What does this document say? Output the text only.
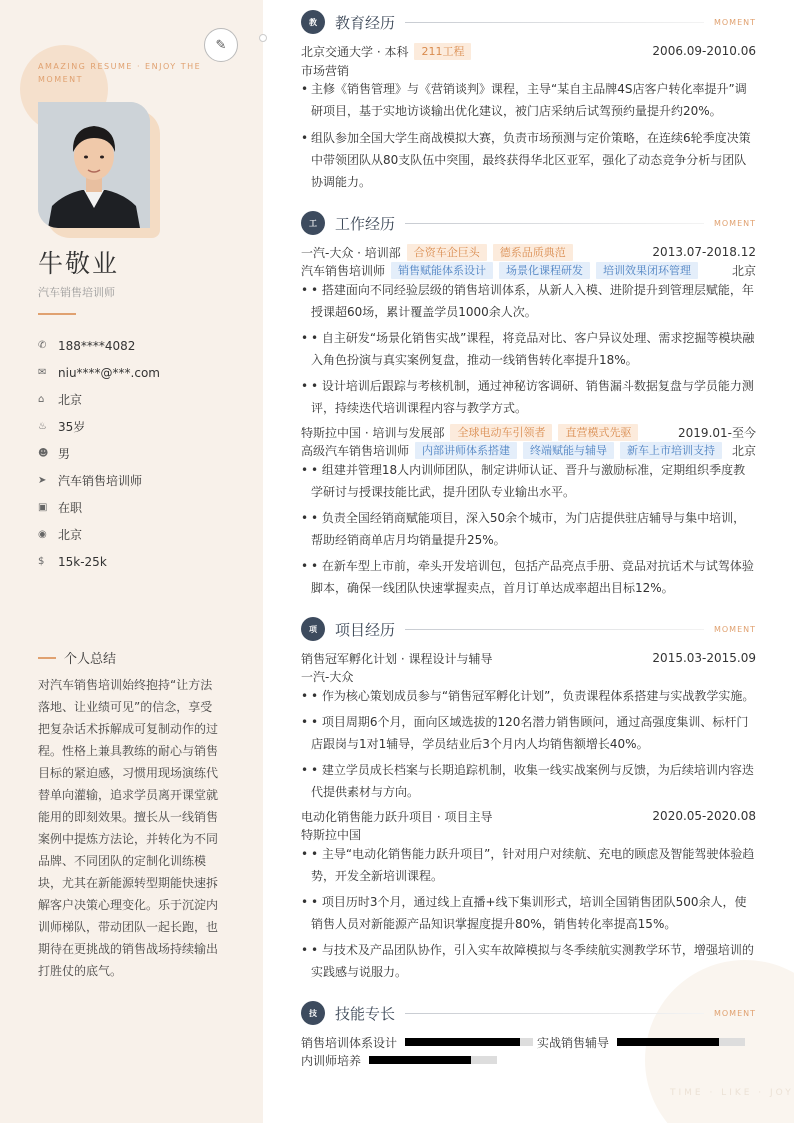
AMAZING RESUME · ENJOY THE MOMENT
牛敬业
汽车销售培训师
✆ 188****4082
✉ niu****@***.com
⌂	北京
♨ 35岁
☻ 男
➤ 汽车销售培训师
▣ 在职
◉ 北京
$	15k-25k
个人总结
对汽车销售培训始终抱持“让方法落地、让业绩可见”的信念，享受把复杂话术拆解成可复制动作的过程。性格上兼具教练的耐心与销售目标的紧迫感，习惯用现场演练代替单向灌输，追求学员离开课堂就能用的即刻效果。擅长从一线销售案例中提炼方法论，并转化为不同品牌、不同团队的定制化训练模块，尤其在新能源转型期能快速拆解客户决策心理变化。乐于沉淀内训师梯队，带动团队一起长跑，也期待在更挑战的销售战场持续输出打胜仗的底气。
✎
TIME · LIKE · JOY
教	教育经历	MOMENT
北京交通大学 · 本科	211工程	2006.09-2010.06
市场营销
• 主修《销售管理》与《营销谈判》课程，主导“某自主品牌4S店客户转化率提升”调研项目，基于实地访谈输出优化建议，被门店采纳后试驾预约量提升约20%。
• 组队参加全国大学生商战模拟大赛，负责市场预测与定价策略，在连续6轮季度决策中带领团队从80支队伍中突围，最终获得华北区亚军，强化了动态竞争分析与团队协调能力。
工	工作经历	MOMENT
一汽-大众 · 培训部	合资车企巨头	德系品质典范	2013.07-2018.12
汽车销售培训师	销售赋能体系设计	场景化课程研发	培训效果闭环管理	北京
• • 搭建面向不同经验层级的销售培训体系，从新人入模、进阶提升到管理层赋能，年授课超60场，累计覆盖学员1000余人次。
• • 自主研发“场景化销售实战”课程，将竞品对比、客户异议处理、需求挖掘等模块融入角色扮演与真实案例复盘，推动一线销售转化率提升18%。
• • 设计培训后跟踪与考核机制，通过神秘访客调研、销售漏斗数据复盘与学员能力测评，持续迭代培训课程内容与教学方式。
特斯拉中国 · 培训与发展部	全球电动车引领者	直营模式先驱	2019.01-至今
高级汽车销售培训师	内部讲师体系搭建	终端赋能与辅导	新车上市培训支持	北京
• • 组建并管理18人内训师团队，制定讲师认证、晋升与激励标准，定期组织季度教学研讨与授课技能比武，提升团队专业输出水平。
• • 负责全国经销商赋能项目，深入50余个城市，为门店提供驻店辅导与集中培训，帮助经销商单店月均销量提升25%。
• • 在新车型上市前，牵头开发培训包，包括产品亮点手册、竞品对抗话术与试驾体验脚本，确保一线团队快速掌握卖点，首月订单达成率超出目标12%。
项	项目经历	MOMENT
销售冠军孵化计划 · 课程设计与辅导	2015.03-2015.09
一汽-大众
• • 作为核心策划成员参与“销售冠军孵化计划”，负责课程体系搭建与实战教学实施。
• • 项目周期6个月，面向区域选拔的120名潜力销售顾问，通过高强度集训、标杆门店跟岗与1对1辅导，学员结业后3个月内人均销售额增长40%。
• • 建立学员成长档案与长期追踪机制，收集一线实战案例与反馈，为后续培训内容迭代提供素材与方向。
电动化销售能力跃升项目 · 项目主导	2020.05-2020.08
特斯拉中国
• • 主导“电动化销售能力跃升项目”，针对用户对续航、充电的顾虑及智能驾驶体验趋势，开发全新培训课程。
• • 项目历时3个月，通过线上直播+线下集训形式，培训全国销售团队500余人，使销售人员对新能源产品知识掌握度提升80%，销售转化率提高15%。
• • 与技术及产品团队协作，引入实车故障模拟与冬季续航实测教学环节，增强培训的实践感与说服力。
技	技能专长	MOMENT
销售培训体系设计	实战销售辅导
内训师培养
